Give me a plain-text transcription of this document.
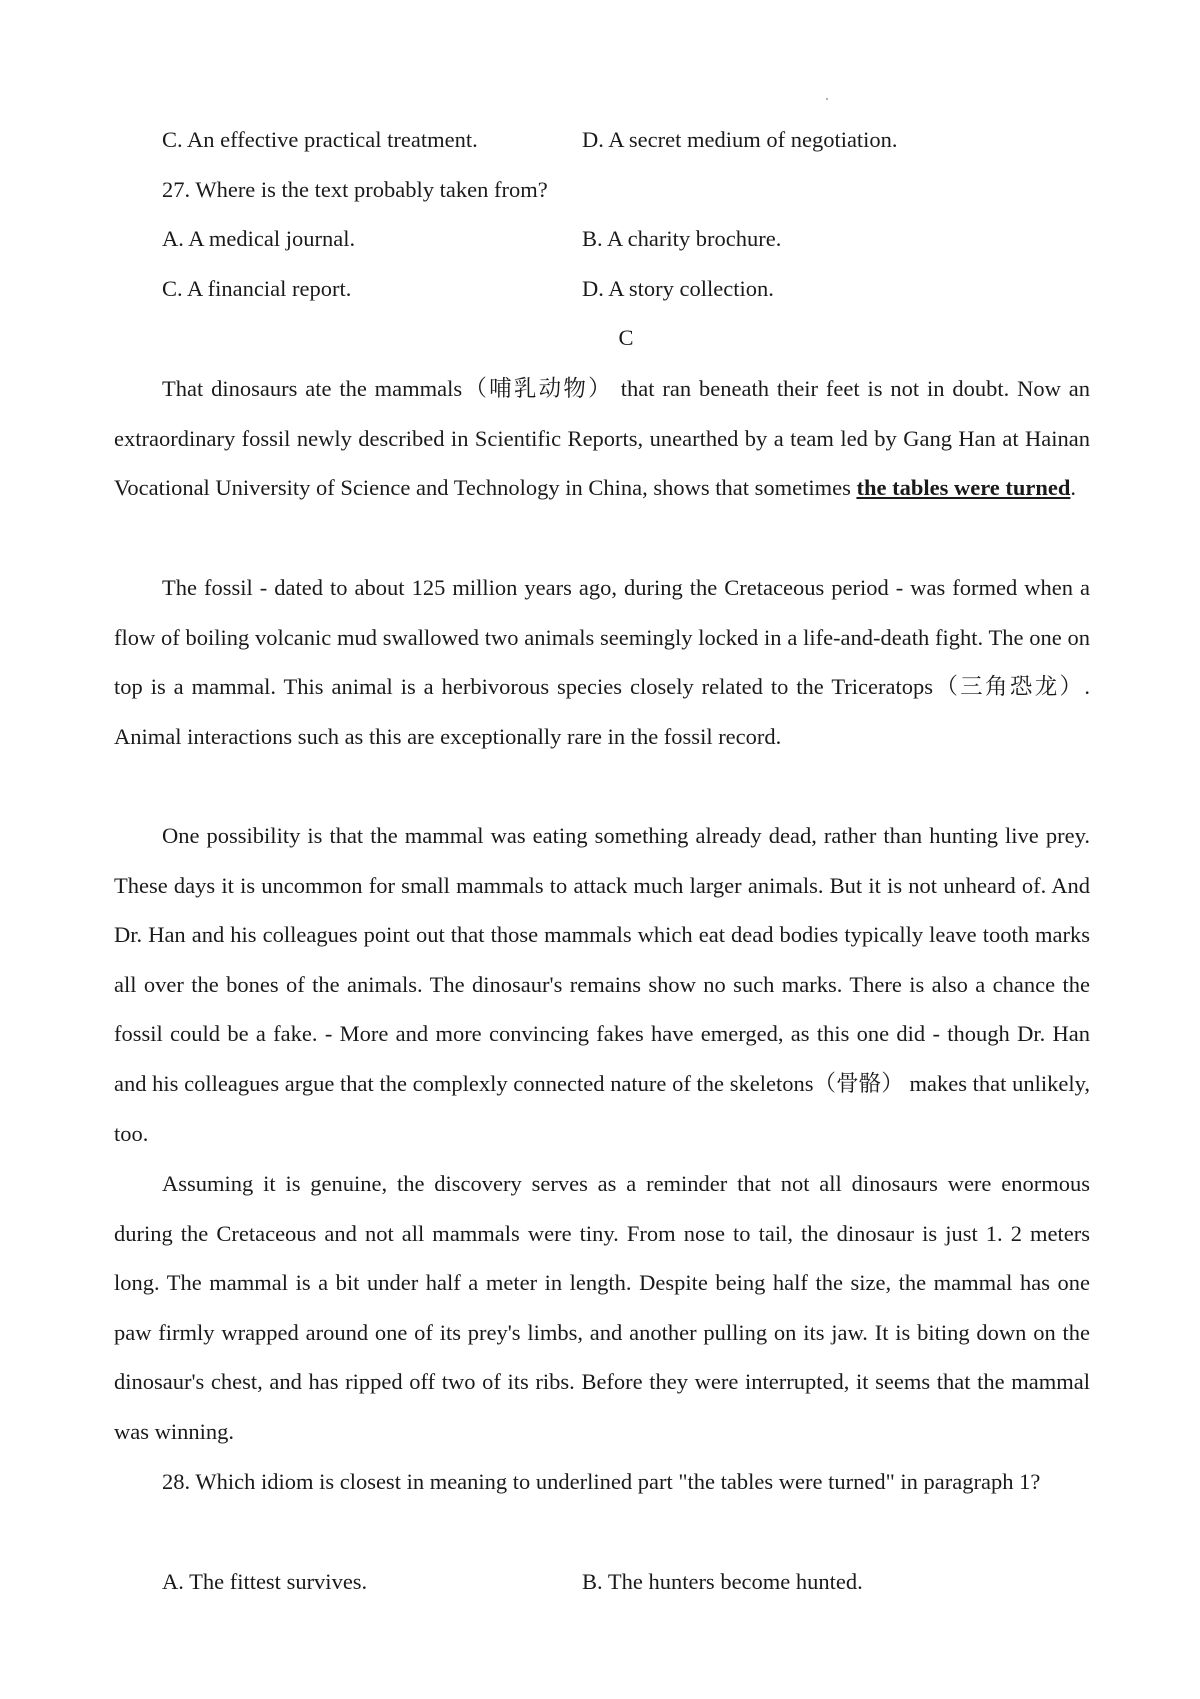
C. An effective practical treatment.	D. A secret medium of negotiation.
27. Where is the text probably taken from?
A. A medical journal.	B. A charity brochure.
C. A financial report.	D. A story collection.
C

That dinosaurs ate the mammals（哺乳动物） that ran beneath their feet is not in doubt. Now an extraordinary fossil newly described in Scientific Reports, unearthed by a team led by Gang Han at Hainan Vocational University of Science and Technology in China, shows that sometimes the tables were turned.

The fossil - dated to about 125 million years ago, during the Cretaceous period - was formed when a flow of boiling volcanic mud swallowed two animals seemingly locked in a life-and-death fight. The one on top is a mammal. This animal is a herbivorous species closely related to the Triceratops（三角恐龙）. Animal interactions such as this are exceptionally rare in the fossil record.

One possibility is that the mammal was eating something already dead, rather than hunting live prey. These days it is uncommon for small mammals to attack much larger animals. But it is not unheard of. And Dr. Han and his colleagues point out that those mammals which eat dead bodies typically leave tooth marks all over the bones of the animals. The dinosaur's remains show no such marks. There is also a chance the fossil could be a fake. - More and more convincing fakes have emerged, as this one did - though Dr. Han and his colleagues argue that the complexly connected nature of the skeletons（骨骼） makes that unlikely, too.

Assuming it is genuine, the discovery serves as a reminder that not all dinosaurs were enormous during the Cretaceous and not all mammals were tiny. From nose to tail, the dinosaur is just 1. 2 meters long. The mammal is a bit under half a meter in length. Despite being half the size, the mammal has one paw firmly wrapped around one of its prey's limbs, and another pulling on its jaw. It is biting down on the dinosaur's chest, and has ripped off two of its ribs. Before they were interrupted, it seems that the mammal was winning.

28. Which idiom is closest in meaning to underlined part "the tables were turned" in paragraph 1?

A. The fittest survives.	B. The hunters become hunted.
